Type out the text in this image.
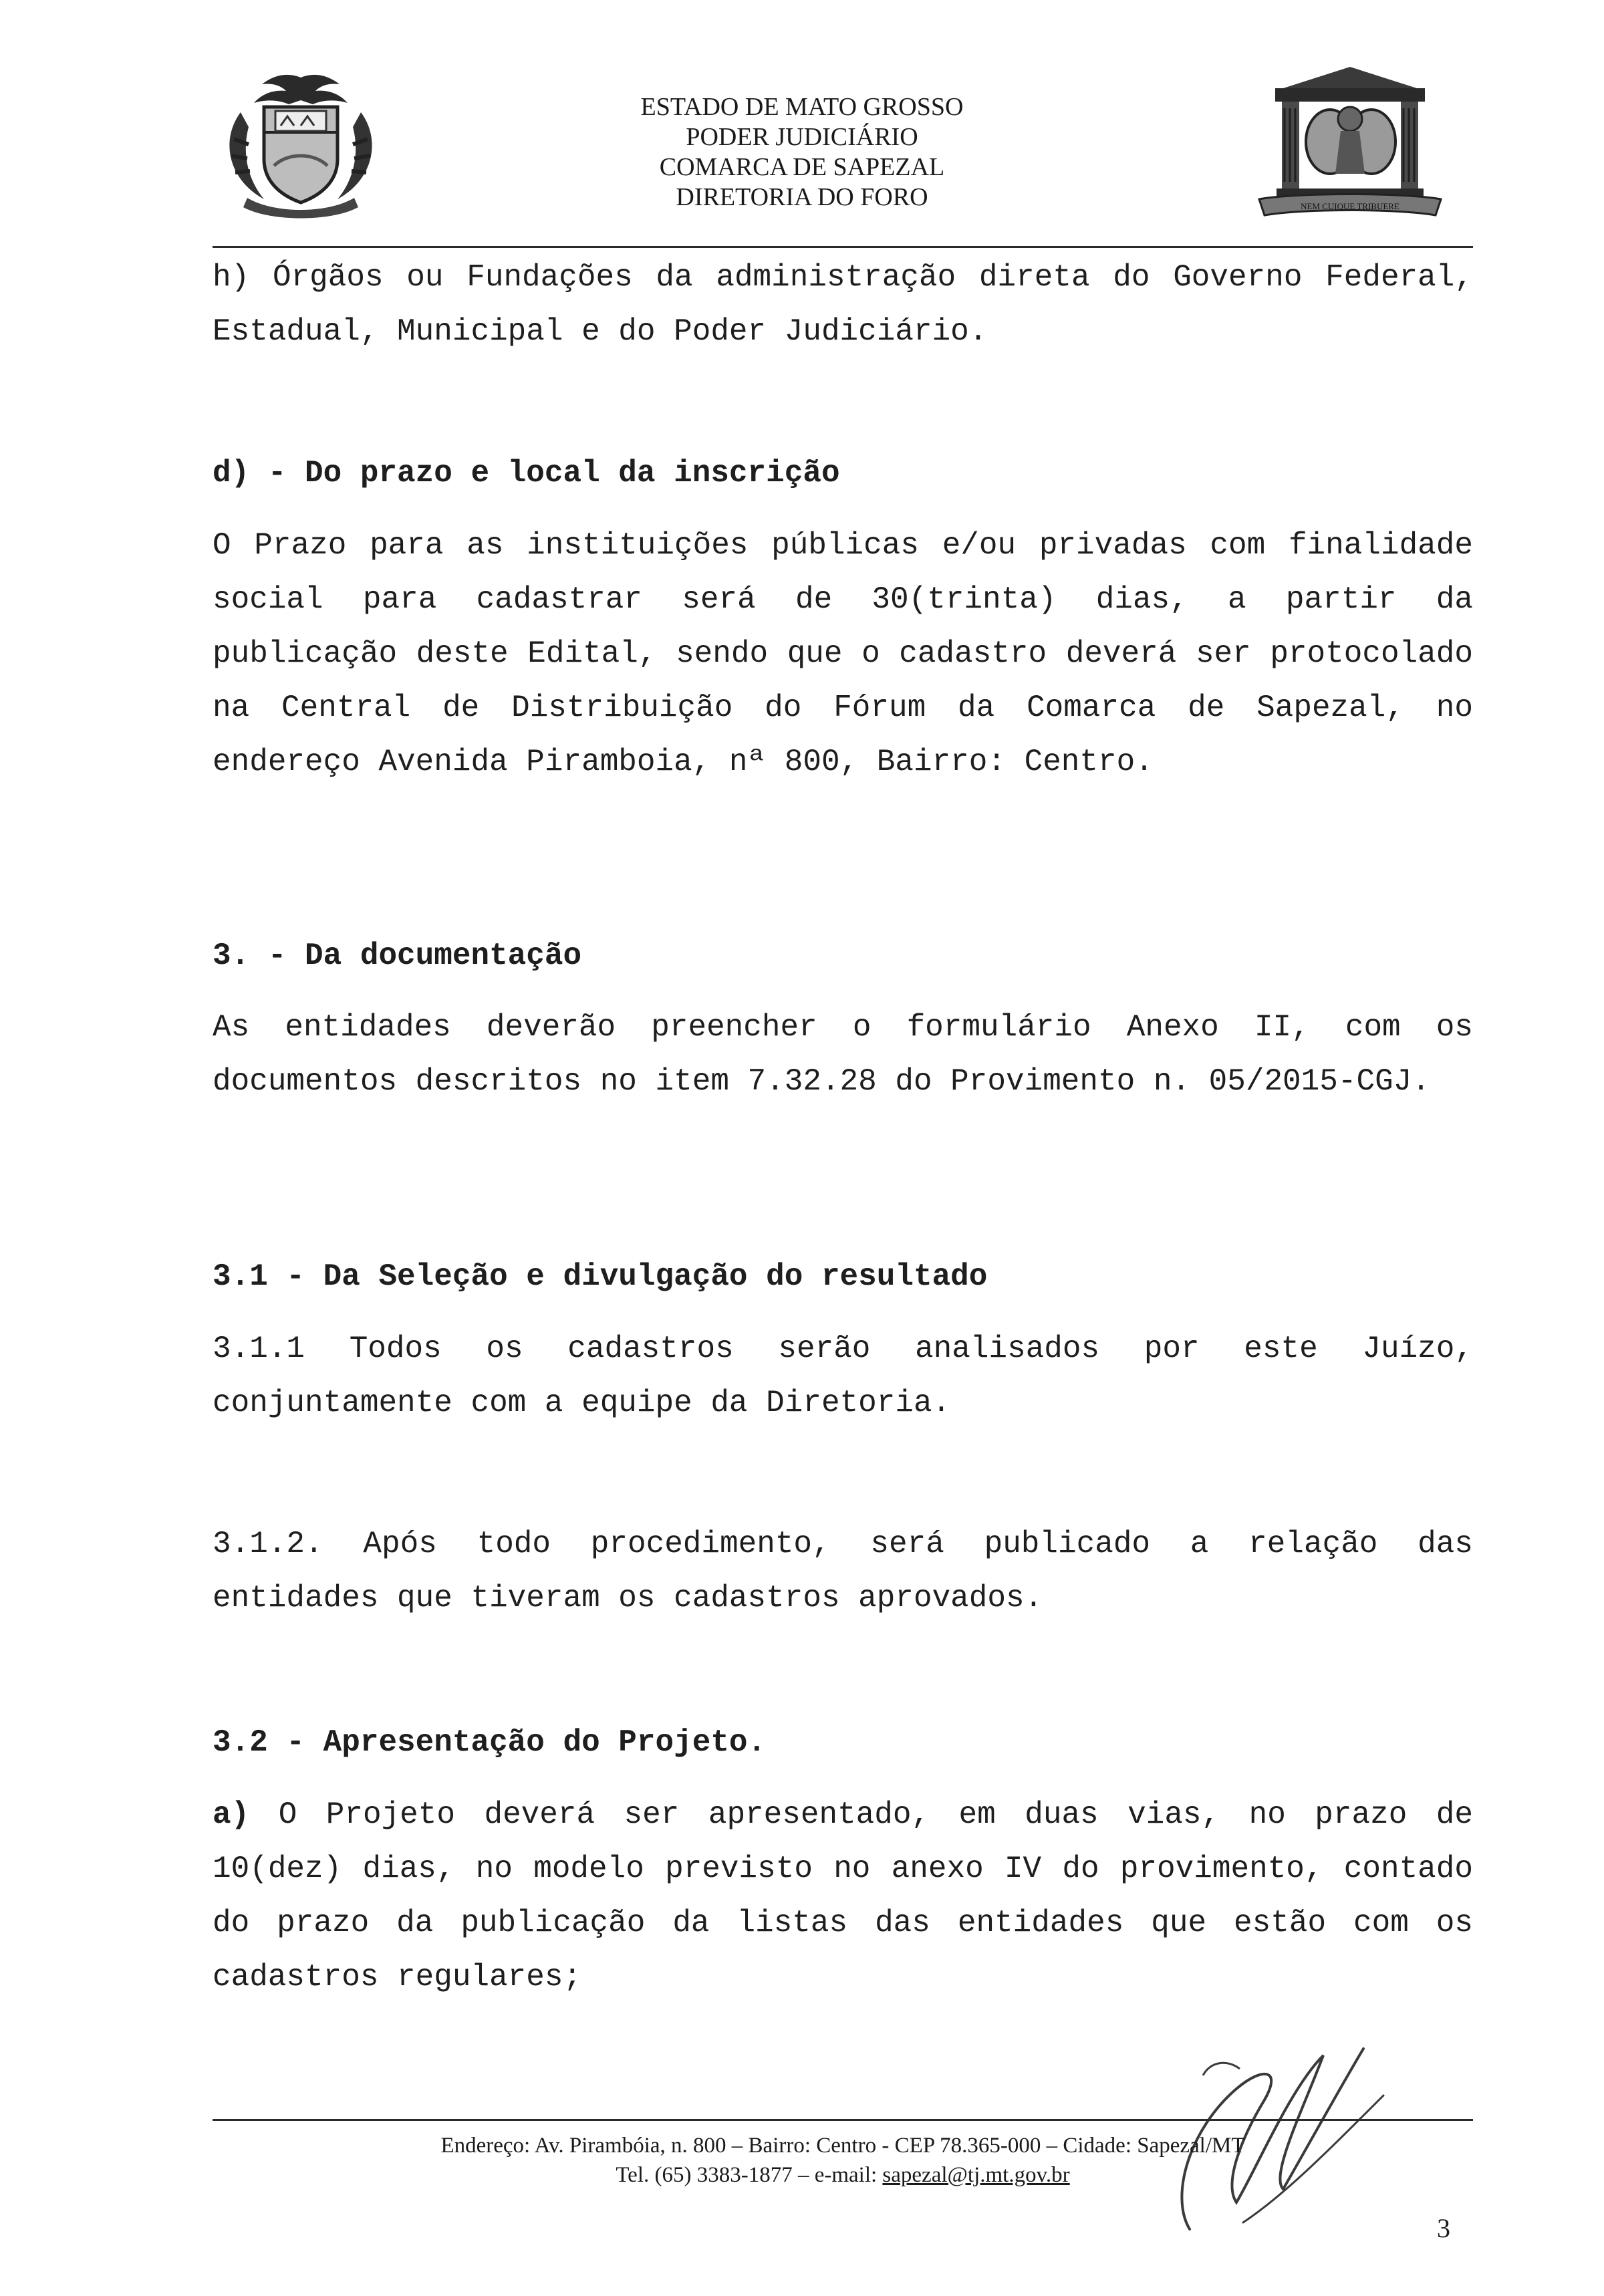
ESTADO DE MATO GROSSO
PODER JUDICIÁRIO
COMARCA DE SAPEZAL
DIRETORIA DO FORO	NEM CUIQUE TRIBUERE
h) Órgãos ou Fundações da administração direta do Governo Federal, Estadual, Municipal e do Poder Judiciário.
d) - Do prazo e local da inscrição
O Prazo para as instituições públicas e/ou privadas com finalidade social para cadastrar será de 30(trinta) dias, a partir da publicação deste Edital, sendo que o cadastro deverá ser protocolado na Central de Distribuição do Fórum da Comarca de Sapezal, no endereço Avenida Piramboia, nª 800, Bairro: Centro.
3. - Da documentação
As entidades deverão preencher o formulário Anexo II, com os documentos descritos no item 7.32.28 do Provimento n. 05/2015-CGJ.
3.1 - Da Seleção e divulgação do resultado
3.1.1 Todos os cadastros serão analisados por este Juízo, conjuntamente com a equipe da Diretoria.
3.1.2. Após todo procedimento, será publicado a relação das entidades que tiveram os cadastros aprovados.
3.2 - Apresentação do Projeto.
a) O Projeto deverá ser apresentado, em duas vias, no prazo de 10(dez) dias, no modelo previsto no anexo IV do provimento, contado do prazo da publicação da listas das entidades que estão com os cadastros regulares;
Endereço: Av. Pirambóia, n. 800 – Bairro: Centro - CEP 78.365-000 – Cidade: Sapezal/MT
Tel. (65) 3383-1877 – e-mail: sapezal@tj.mt.gov.br
3
